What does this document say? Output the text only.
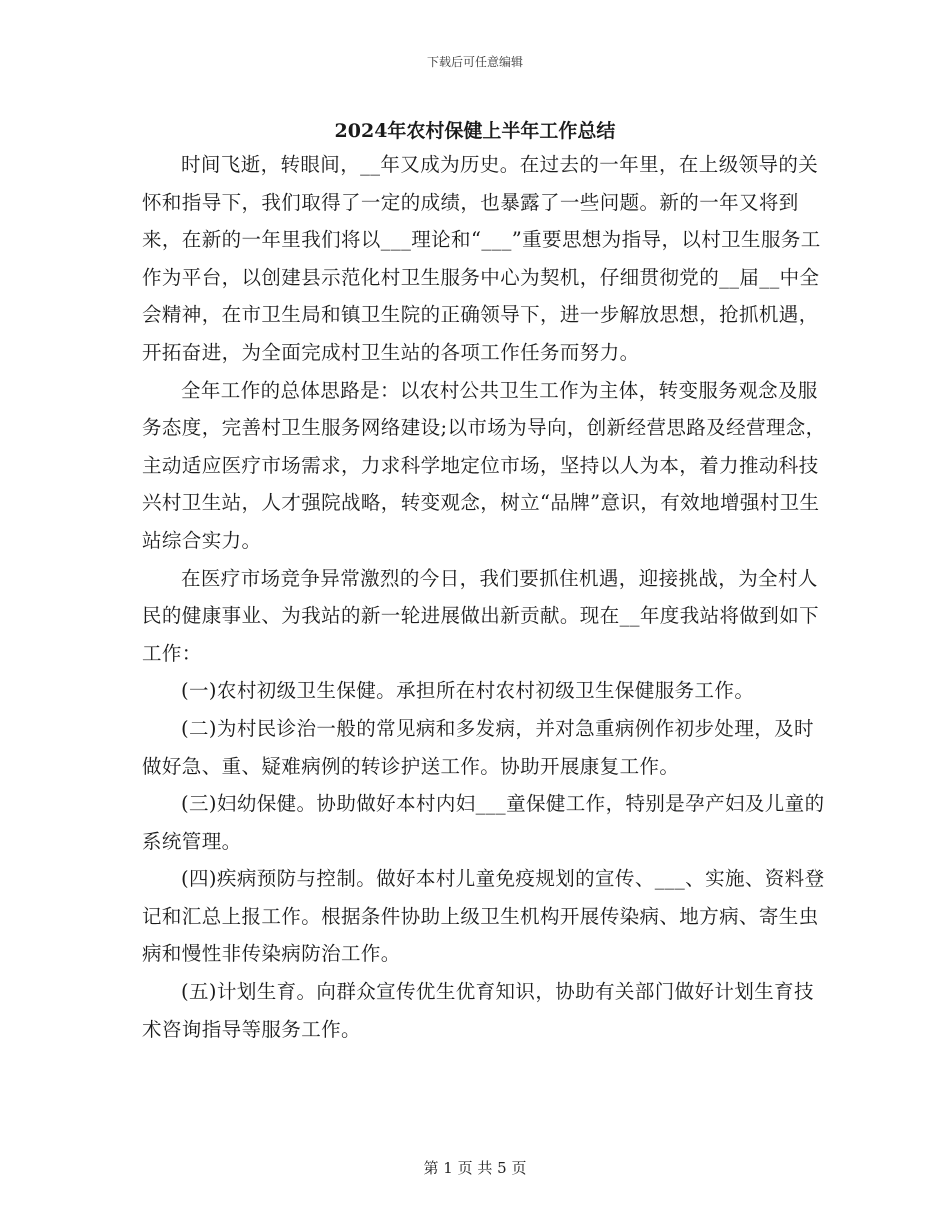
下载后可任意编辑
2024年农村保健上半年工作总结

时间飞逝，转眼间，__年又成为历史。在过去的一年里，在上级领导的关怀和指导下，我们取得了一定的成绩，也暴露了一些问题。新的一年又将到来，在新的一年里我们将以___理论和“___”重要思想为指导，以村卫生服务工作为平台，以创建县示范化村卫生服务中心为契机，仔细贯彻党的__届__中全会精神，在市卫生局和镇卫生院的正确领导下，进一步解放思想，抢抓机遇，开拓奋进，为全面完成村卫生站的各项工作任务而努力。

全年工作的总体思路是：以农村公共卫生工作为主体，转变服务观念及服务态度，完善村卫生服务网络建设;以市场为导向，创新经营思路及经营理念，主动适应医疗市场需求，力求科学地定位市场，坚持以人为本，着力推动科技兴村卫生站，人才强院战略，转变观念，树立“品牌”意识，有效地增强村卫生站综合实力。

在医疗市场竞争异常激烈的今日，我们要抓住机遇，迎接挑战，为全村人民的健康事业、为我站的新一轮进展做出新贡献。现在__年度我站将做到如下工作：

(一)农村初级卫生保健。承担所在村农村初级卫生保健服务工作。

(二)为村民诊治一般的常见病和多发病，并对急重病例作初步处理，及时做好急、重、疑难病例的转诊护送工作。协助开展康复工作。

(三)妇幼保健。协助做好本村内妇___童保健工作，特别是孕产妇及儿童的系统管理。

(四)疾病预防与控制。做好本村儿童免疫规划的宣传、___、实施、资料登记和汇总上报工作。根据条件协助上级卫生机构开展传染病、地方病、寄生虫病和慢性非传染病防治工作。

(五)计划生育。向群众宣传优生优育知识，协助有关部门做好计划生育技术咨询指导等服务工作。

第 1 页 共 5 页
